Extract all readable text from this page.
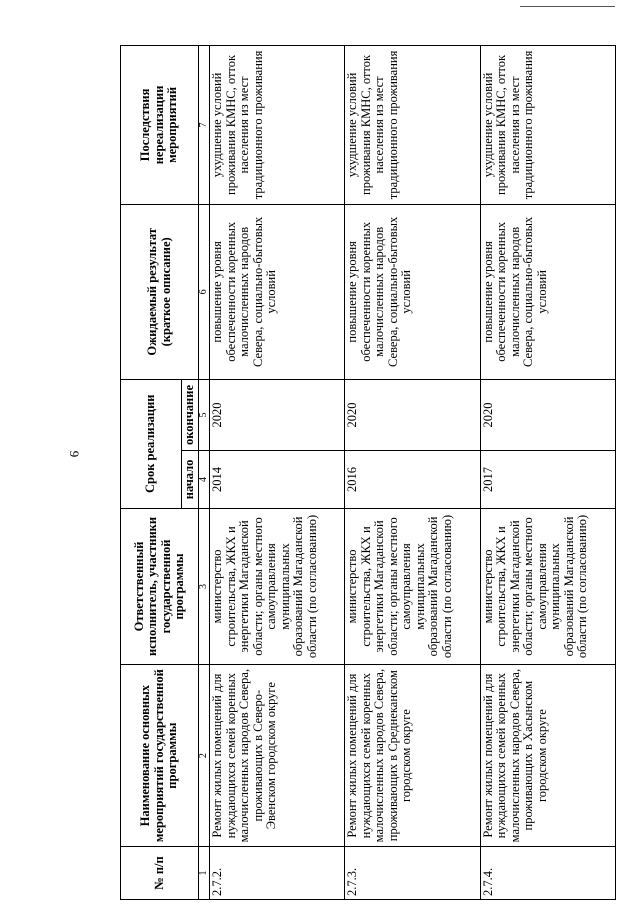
9
№ п/п	Наименование основных мероприятий государственной программы	Ответственный исполнитель, участники государственной программы	Срок реализации		Ожидаемый результат (краткое описание)	Последствия нереализации мероприятий
			начало	окончание		
1	2	3	4	5	6	7
2.7.2.	Ремонт жилых помещений для нуждающихся семей коренных малочисленных народов Севера, проживающих в Северо-Эвенском городском округе	министерство строительства, ЖКХ и энергетики Магаданской области; органы местного самоуправления муниципальных образований Магаданской области (по согласованию)	2014	2020	повышение уровня обеспеченности коренных малочисленных народов Севера, социально-бытовых условий	ухудшение условий проживания КМНС, отток населения из мест традиционного проживания
2.7.3.	Ремонт жилых помещений для нуждающихся семей коренных малочисленных народов Севера, проживающих в Среднеканском городском округе	министерство строительства, ЖКХ и энергетики Магаданской области; органы местного самоуправления муниципальных образований Магаданской области (по согласованию)	2016	2020	повышение уровня обеспеченности коренных малочисленных народов Севера, социально-бытовых условий	ухудшение условий проживания КМНС, отток населения из мест традиционного проживания
2.7.4.	Ремонт жилых помещений для нуждающихся семей коренных малочисленных народов Севера, проживающих в Хасынском городском округе	министерство строительства, ЖКХ и энергетики Магаданской области; органы местного самоуправления муниципальных образований Магаданской области (по согласованию)	2017	2020	повышение уровня обеспеченности коренных малочисленных народов Севера, социально-бытовых условий	ухудшение условий проживания КМНС, отток населения из мест традиционного проживания
